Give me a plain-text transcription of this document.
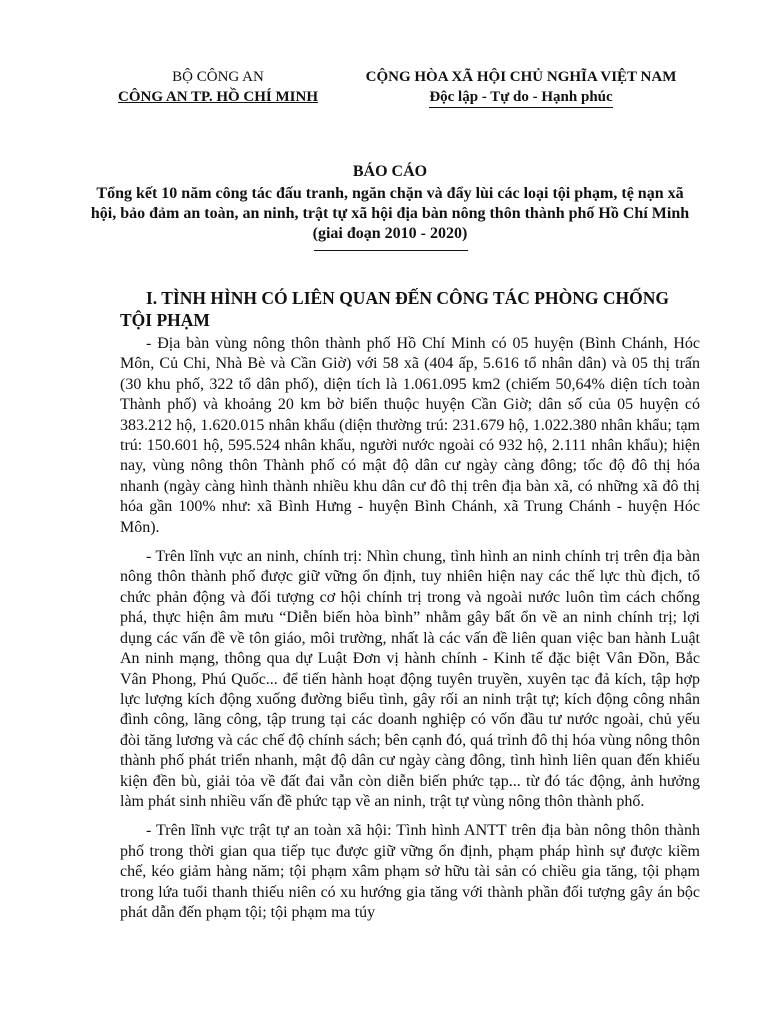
BỘ CÔNG AN
CÔNG AN TP. HỒ CHÍ MINH
CỘNG HÒA XÃ HỘI CHỦ NGHĨA VIỆT NAM
Độc lập - Tự do - Hạnh phúc
BÁO CÁO
Tổng kết 10 năm công tác đấu tranh, ngăn chặn và đẩy lùi các loại tội phạm, tệ nạn xã hội, bảo đảm an toàn, an ninh, trật tự xã hội địa bàn nông thôn thành phố Hồ Chí Minh (giai đoạn 2010 - 2020)
I. TÌNH HÌNH CÓ LIÊN QUAN ĐẾN CÔNG TÁC PHÒNG CHỐNG TỘI PHẠM

- Địa bàn vùng nông thôn thành phố Hồ Chí Minh có 05 huyện (Bình Chánh, Hóc Môn, Củ Chi, Nhà Bè và Cần Giờ) với 58 xã (404 ấp, 5.616 tổ nhân dân) và 05 thị trấn (30 khu phố, 322 tổ dân phố), diện tích là 1.061.095 km2 (chiếm 50,64% diện tích toàn Thành phố) và khoảng 20 km bờ biển thuộc huyện Cần Giờ; dân số của 05 huyện có 383.212 hộ, 1.620.015 nhân khẩu (diện thường trú: 231.679 hộ, 1.022.380 nhân khẩu; tạm trú: 150.601 hộ, 595.524 nhân khẩu, người nước ngoài có 932 hộ, 2.111 nhân khẩu); hiện nay, vùng nông thôn Thành phố có mật độ dân cư ngày càng đông; tốc độ đô thị hóa nhanh (ngày càng hình thành nhiều khu dân cư đô thị trên địa bàn xã, có những xã đô thị hóa gần 100% như: xã Bình Hưng - huyện Bình Chánh, xã Trung Chánh - huyện Hóc Môn).

- Trên lĩnh vực an ninh, chính trị: Nhìn chung, tình hình an ninh chính trị trên địa bàn nông thôn thành phố được giữ vững ổn định, tuy nhiên hiện nay các thế lực thù địch, tổ chức phản động và đối tượng cơ hội chính trị trong và ngoài nước luôn tìm cách chống phá, thực hiện âm mưu “Diễn biến hòa bình” nhằm gây bất ổn về an ninh chính trị; lợi dụng các vấn đề về tôn giáo, môi trường, nhất là các vấn đề liên quan việc ban hành Luật An ninh mạng, thông qua dự Luật Đơn vị hành chính - Kinh tế đặc biệt Vân Đồn, Bắc Vân Phong, Phú Quốc... để tiến hành hoạt động tuyên truyền, xuyên tạc đả kích, tập hợp lực lượng kích động xuống đường biểu tình, gây rối an ninh trật tự; kích động công nhân đình công, lãng công, tập trung tại các doanh nghiệp có vốn đầu tư nước ngoài, chủ yếu đòi tăng lương và các chế độ chính sách; bên cạnh đó, quá trình đô thị hóa vùng nông thôn thành phố phát triển nhanh, mật độ dân cư ngày càng đông, tình hình liên quan đến khiếu kiện đền bù, giải tỏa về đất đai vẫn còn diễn biến phức tạp... từ đó tác động, ảnh hưởng làm phát sinh nhiều vấn đề phức tạp về an ninh, trật tự vùng nông thôn thành phố.

- Trên lĩnh vực trật tự an toàn xã hội: Tình hình ANTT trên địa bàn nông thôn thành phố trong thời gian qua tiếp tục được giữ vững ổn định, phạm pháp hình sự được kiềm chế, kéo giảm hàng năm; tội phạm xâm phạm sở hữu tài sản có chiều gia tăng, tội phạm trong lứa tuổi thanh thiếu niên có xu hướng gia tăng với thành phần đối tượng gây án bộc phát dẫn đến phạm tội; tội phạm ma túy
